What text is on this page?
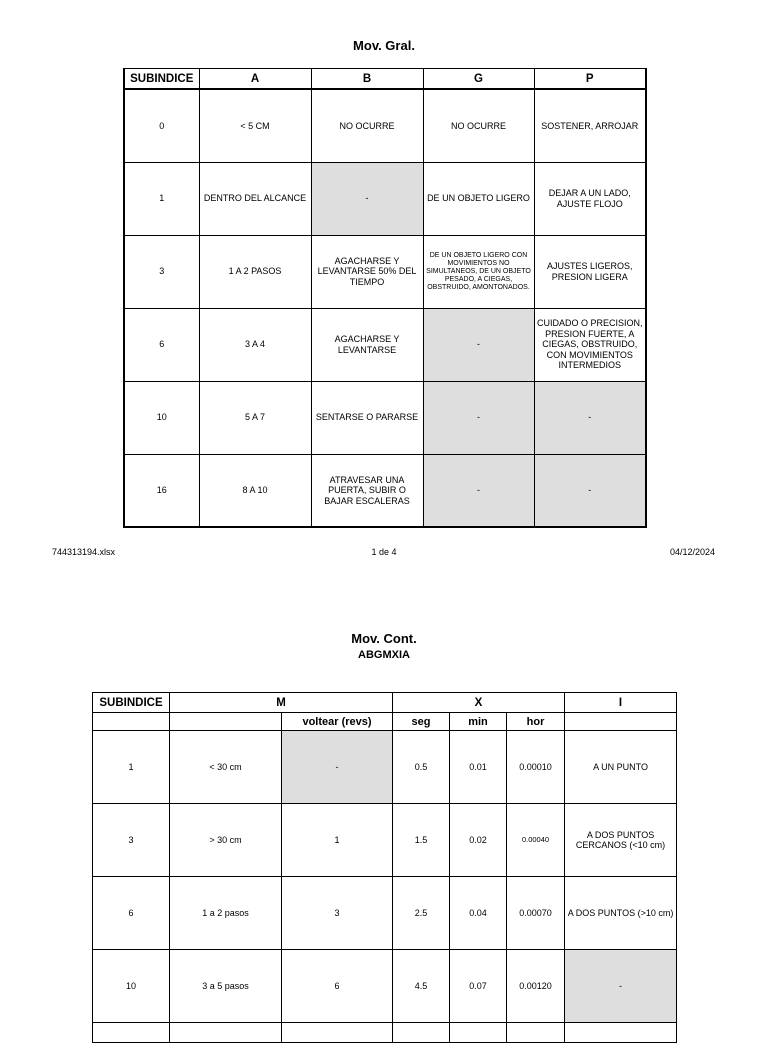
Mov. Gral.
SUBINDICE	A	B	G	P
0	< 5 CM	NO OCURRE	NO OCURRE	SOSTENER, ARROJAR
1	DENTRO DEL ALCANCE	-	DE UN OBJETO LIGERO	DEJAR A UN LADO, AJUSTE FLOJO
3	1 A 2 PASOS	AGACHARSE Y LEVANTARSE 50% DEL TIEMPO	DE UN OBJETO LIGERO CON MOVIMIENTOS NO SIMULTANEOS, DE UN OBJETO PESADO, A CIEGAS, OBSTRUIDO, AMONTONADOS.	AJUSTES LIGEROS, PRESION LIGERA
6	3 A 4	AGACHARSE Y LEVANTARSE	-	CUIDADO O PRECISION, PRESION FUERTE, A CIEGAS, OBSTRUIDO, CON MOVIMIENTOS INTERMEDIOS
10	5 A 7	SENTARSE O PARARSE	-	-
16	8 A 10	ATRAVESAR UNA PUERTA, SUBIR O BAJAR ESCALERAS	-	-
744313194.xlsx	1 de 4	04/12/2024
Mov. Cont.
ABGMXIA
SUBINDICE	M		X			I
		voltear (revs)	seg	min	hor	
1	< 30 cm	-	0.5	0.01	0.00010	A UN PUNTO
3	> 30 cm	1	1.5	0.02	0.00040	A DOS PUNTOS CERCANOS (<10 cm)
6	1 a 2 pasos	3	2.5	0.04	0.00070	A DOS PUNTOS (>10 cm)
10	3 a 5 pasos	6	4.5	0.07	0.00120	-
